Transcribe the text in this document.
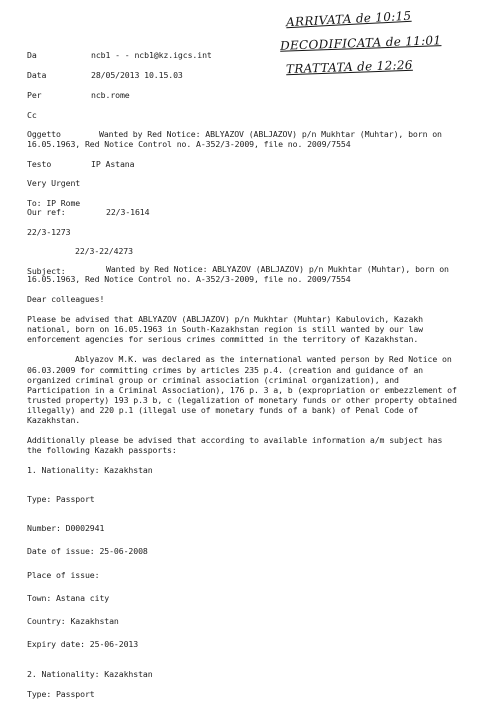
ARRIVATA de 10:15
DECODIFICATA de 11:01
TRATTATA de 12:26
Da	ncb1 - - ncb1@kz.igcs.int
Data	28/05/2013 10.15.03
Per	ncb.rome
Cc
Oggetto	Wanted by Red Notice: ABLYAZOV (ABLJAZOV) p/n Mukhtar (Muhtar), born on
16.05.1963, Red Notice Control no. A-352/3-2009, file no. 2009/7554
Testo	IP Astana
Very Urgent
To: IP Rome
Our ref:	22/3-1614
22/3-1273
22/3-22/4273
Subject:	Wanted by Red Notice: ABLYAZOV (ABLJAZOV) p/n Mukhtar (Muhtar), born on
16.05.1963, Red Notice Control no. A-352/3-2009, file no. 2009/7554
Dear colleagues!
Please be advised that ABLYAZOV (ABLJAZOV) p/n Mukhtar (Muhtar) Kabulovich, Kazakh
national, born on 16.05.1963 in South-Kazakhstan region is still wanted by our law
enforcement agencies for serious crimes committed in the territory of Kazakhstan.
Ablyazov M.K. was declared as the international wanted person by Red Notice on
06.03.2009 for committing crimes by articles 235 p.4. (creation and guidance of an
organized criminal group or criminal association (criminal organization), and
Participation in a Criminal Association), 176 p. 3 a, b (expropriation or embezzlement of
trusted property) 193 p.3 b, c (legalization of monetary funds or other property obtained
illegally) and 220 p.1 (illegal use of monetary funds of a bank) of Penal Code of
Kazakhstan.
Additionally please be advised that according to available information a/m subject has
the following Kazakh passports:
1. Nationality: Kazakhstan
Type: Passport
Number: D0002941
Date of issue: 25-06-2008
Place of issue:
Town: Astana city
Country: Kazakhstan
Expiry date: 25-06-2013
2. Nationality: Kazakhstan
Type: Passport
